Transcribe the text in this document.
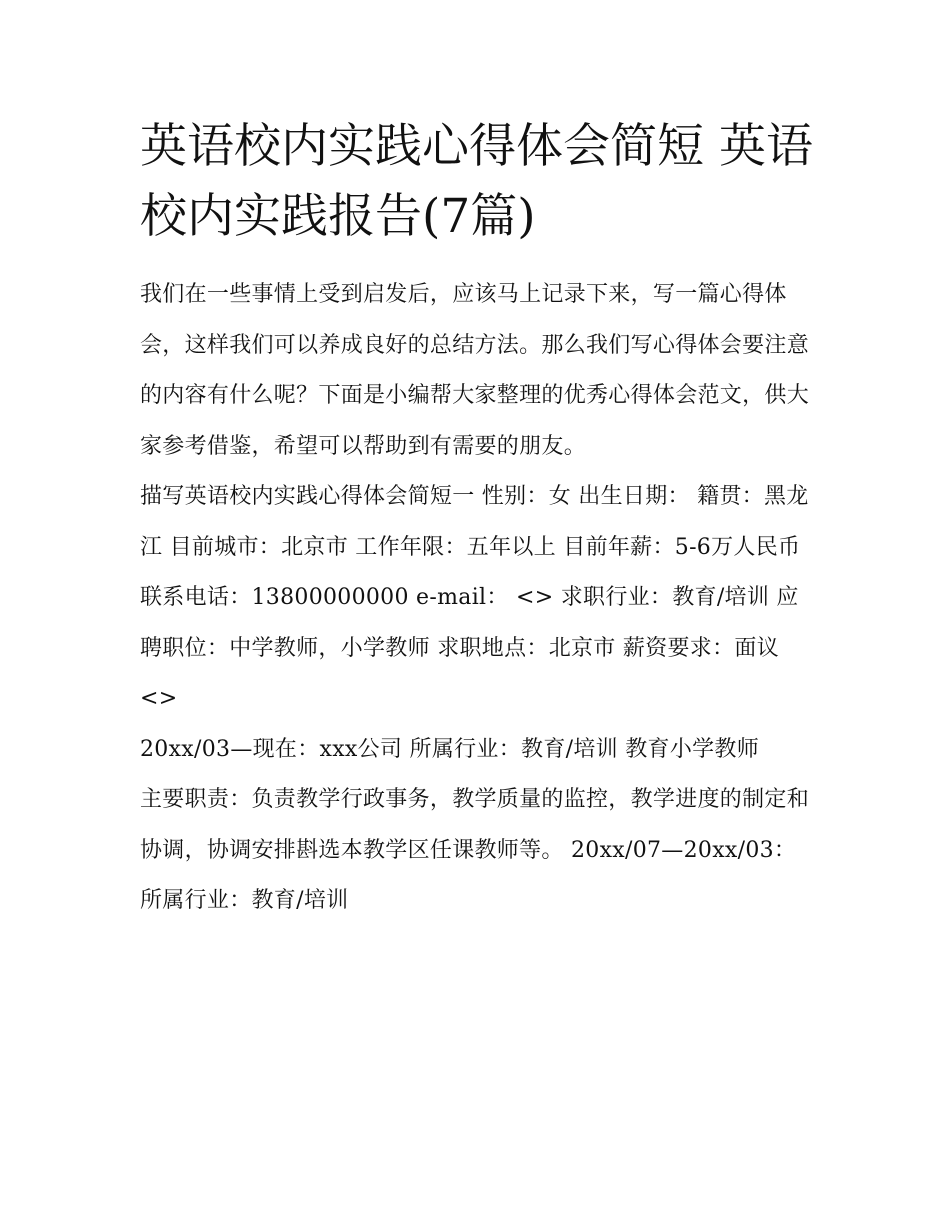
英语校内实践心得体会简短 英语校内实践报告(7篇)

我们在一些事情上受到启发后，应该马上记录下来，写一篇心得体会，这样我们可以养成良好的总结方法。那么我们写心得体会要注意的内容有什么呢？下面是小编帮大家整理的优秀心得体会范文，供大家参考借鉴，希望可以帮助到有需要的朋友。

描写英语校内实践心得体会简短一 性别：女 出生日期： 籍贯：黑龙江 目前城市：北京市 工作年限：五年以上 目前年薪：5-6万人民币

联系电话：13800000000 e-mail： <> 求职行业：教育/培训 应聘职位：中学教师，小学教师 求职地点：北京市 薪资要求：面议 <>

20xx/03—现在：xxx公司 所属行业：教育/培训 教育小学教师

主要职责：负责教学行政事务，教学质量的监控，教学进度的制定和协调，协调安排斟选本教学区任课教师等。 20xx/07—20xx/03： 所属行业：教育/培训
